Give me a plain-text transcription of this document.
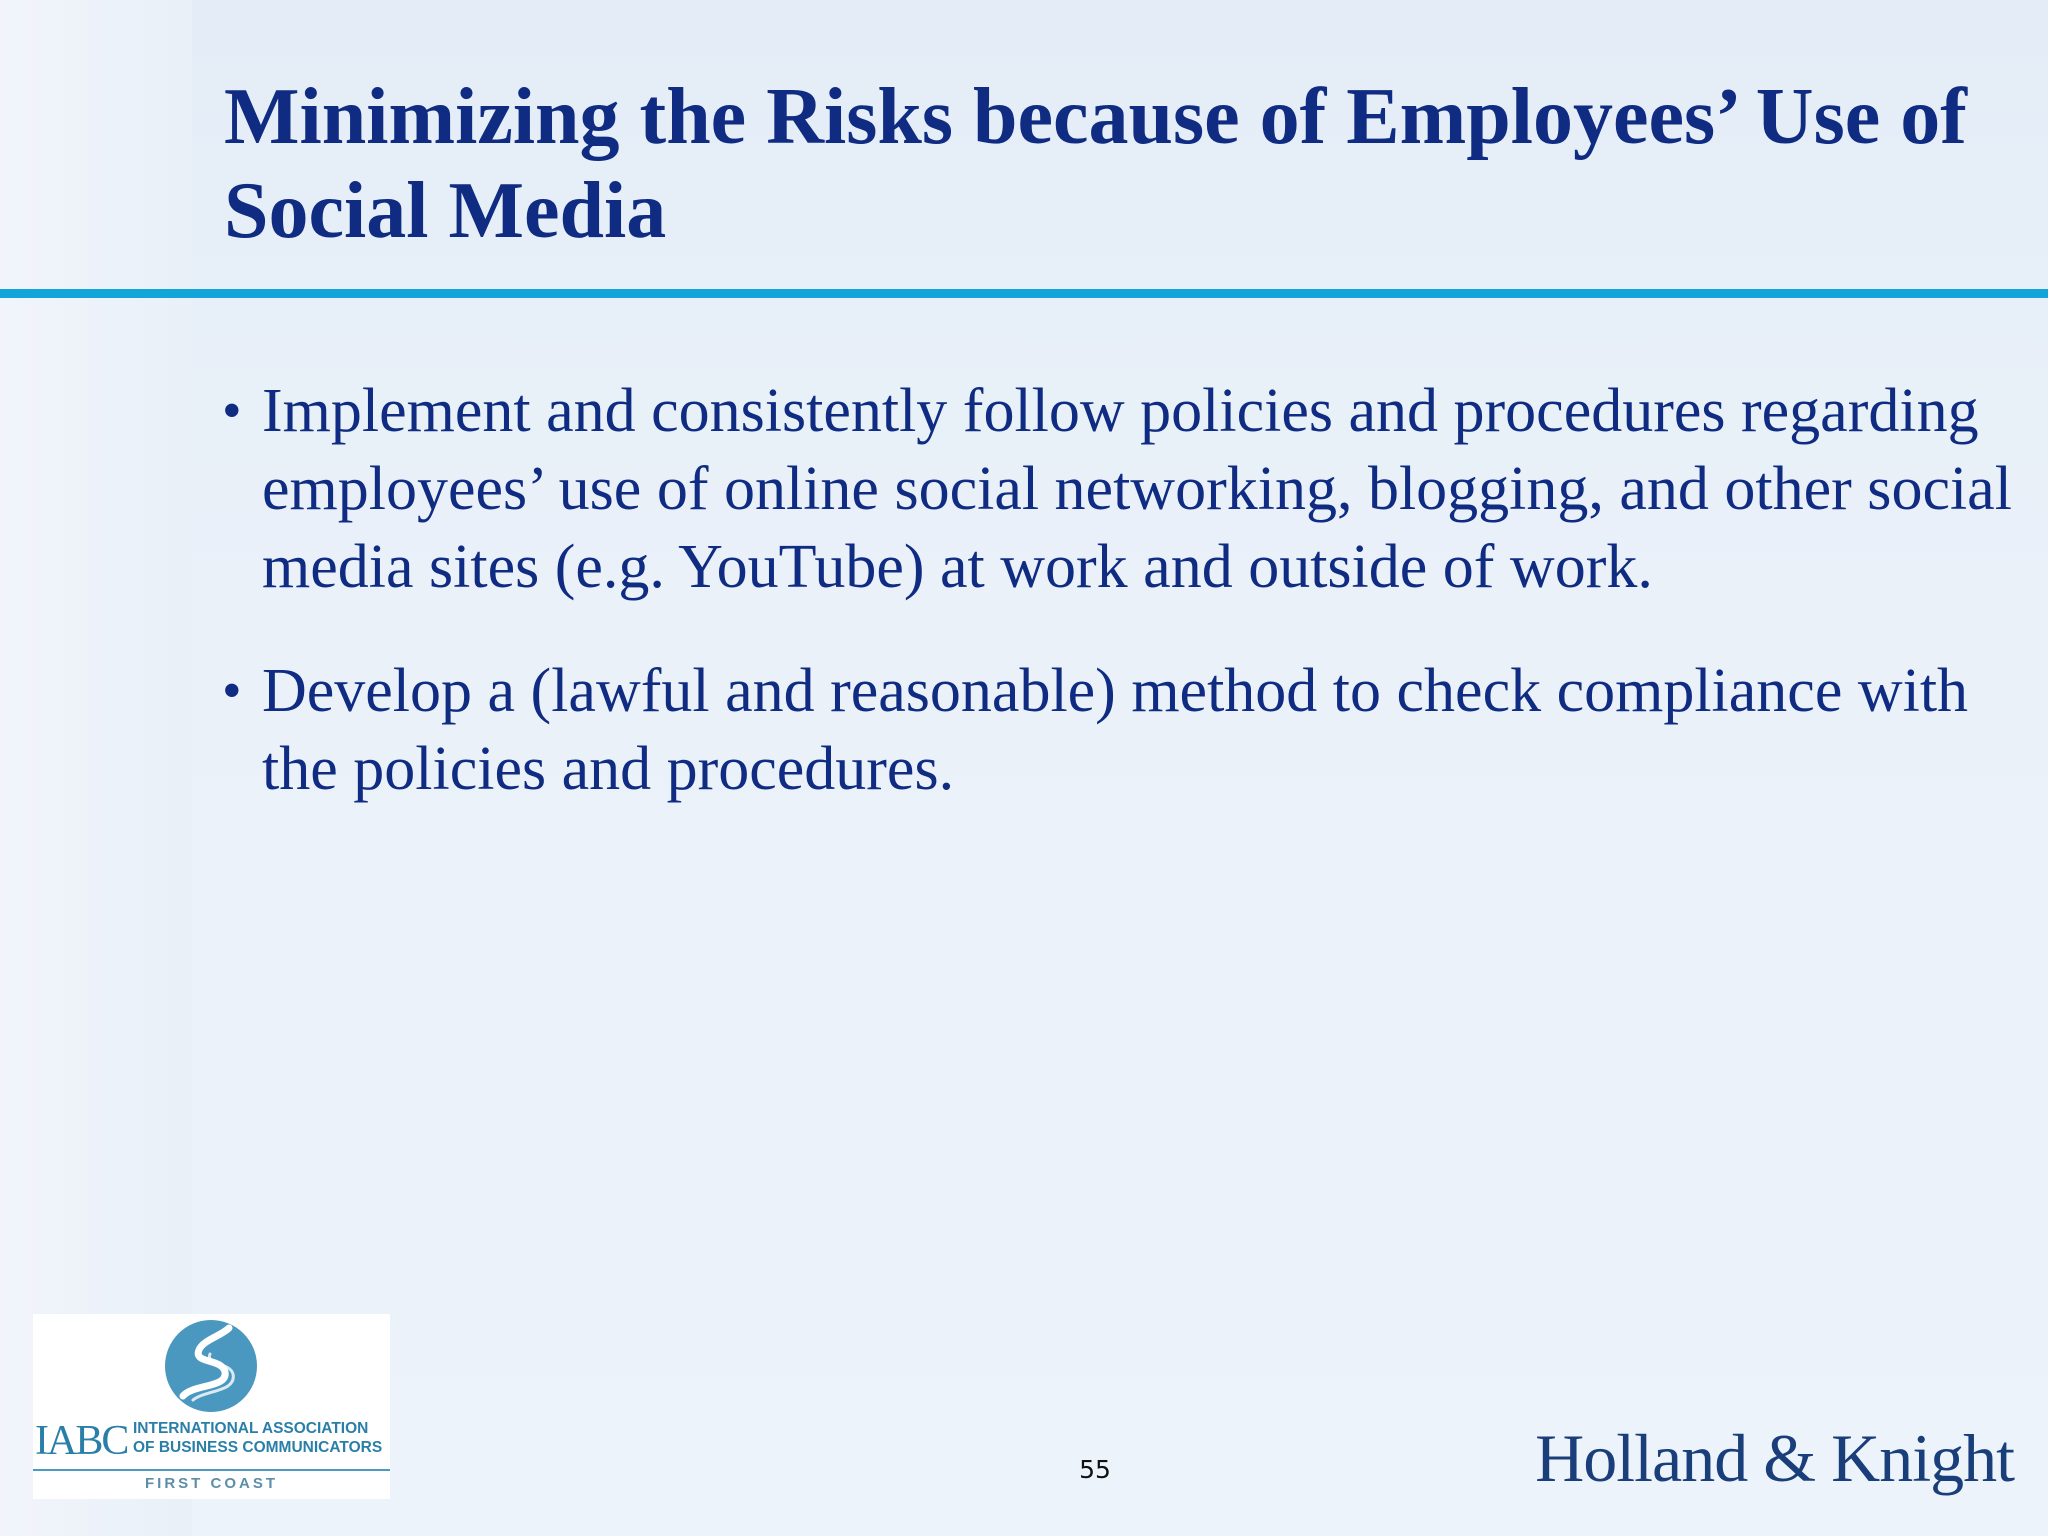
Minimizing the Risks because of Employees’ Use of Social Media
• Implement and consistently follow policies and procedures regarding employees’ use of online social networking, blogging, and other social media sites (e.g. YouTube) at work and outside of work.
• Develop a (lawful and reasonable) method to check compliance with the policies and procedures.
IABC INTERNATIONAL ASSOCIATION
OF BUSINESS COMMUNICATORS
FIRST COAST	55	Holland & Knight
